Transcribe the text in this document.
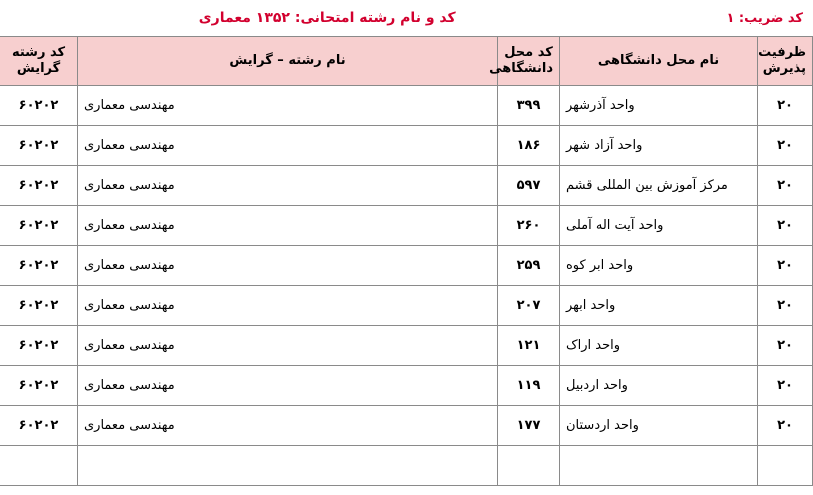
کد ضریب: ۱
کد و نام رشته امتحانی: ۱۳۵۲ معماری
ظرفیت پذیرش	نام محل دانشگاهی	کد محل دانشگاهی	نام رشته – گرایش	کد رشته گرایش
۲۰	واحد آذرشهر	۳۹۹	مهندسی معماری	۶۰۲۰۲
۲۰	واحد آزاد شهر	۱۸۶	مهندسی معماری	۶۰۲۰۲
۲۰	مرکز آموزش بین المللی قشم	۵۹۷	مهندسی معماری	۶۰۲۰۲
۲۰	واحد آیت اله آملی	۲۶۰	مهندسی معماری	۶۰۲۰۲
۲۰	واحد ابر کوه	۲۵۹	مهندسی معماری	۶۰۲۰۲
۲۰	واحد ابهر	۲۰۷	مهندسی معماری	۶۰۲۰۲
۲۰	واحد اراک	۱۲۱	مهندسی معماری	۶۰۲۰۲
۲۰	واحد اردبیل	۱۱۹	مهندسی معماری	۶۰۲۰۲
۲۰	واحد اردستان	۱۷۷	مهندسی معماری	۶۰۲۰۲
